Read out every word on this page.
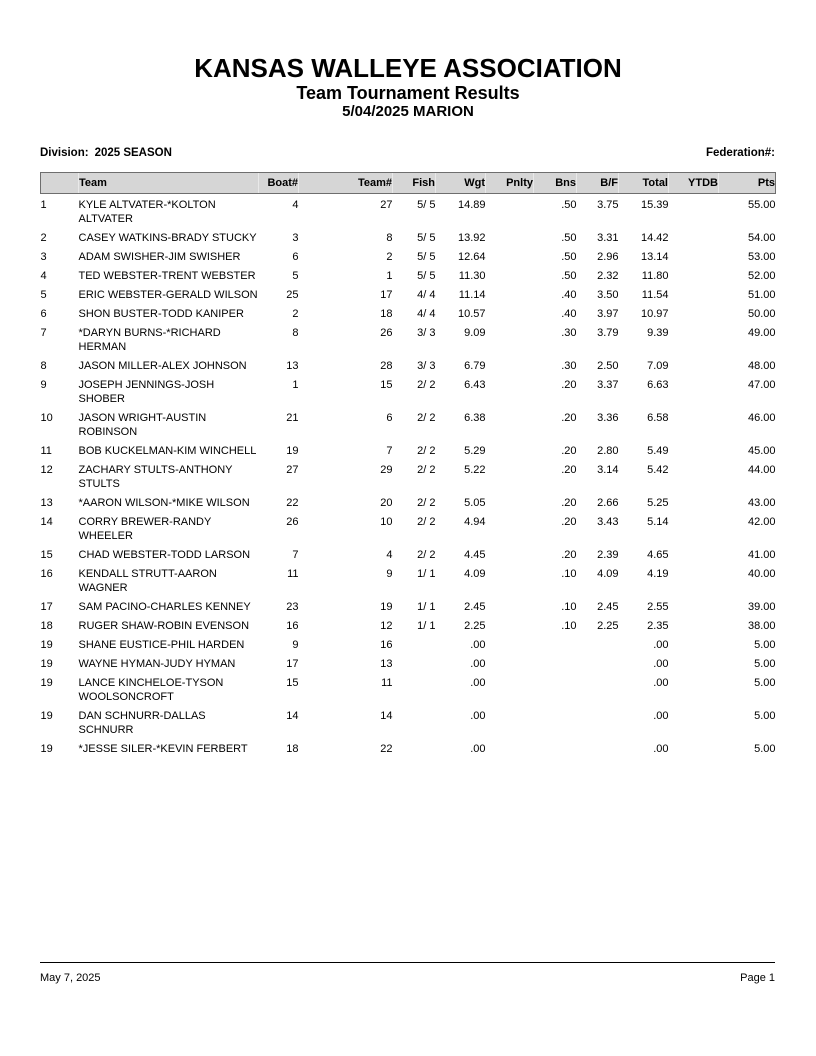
KANSAS WALLEYE ASSOCIATION
Team Tournament Results
5/04/2025 MARION
Division: 2025 SEASON	Federation#:
	Team	Boat#	Team#	Fish	Wgt	Pnlty	Bns	B/F	Total	YTDB	Pts
1	KYLE ALTVATER-*KOLTON ALTVATER	4	27	5/ 5	14.89		.50	3.75	15.39		55.00
2	CASEY WATKINS-BRADY STUCKY	3	8	5/ 5	13.92		.50	3.31	14.42		54.00
3	ADAM SWISHER-JIM SWISHER	6	2	5/ 5	12.64		.50	2.96	13.14		53.00
4	TED WEBSTER-TRENT WEBSTER	5	1	5/ 5	11.30		.50	2.32	11.80		52.00
5	ERIC WEBSTER-GERALD WILSON	25	17	4/ 4	11.14		.40	3.50	11.54		51.00
6	SHON BUSTER-TODD KANIPER	2	18	4/ 4	10.57		.40	3.97	10.97		50.00
7	*DARYN BURNS-*RICHARD HERMAN	8	26	3/ 3	9.09		.30	3.79	9.39		49.00
8	JASON MILLER-ALEX JOHNSON	13	28	3/ 3	6.79		.30	2.50	7.09		48.00
9	JOSEPH JENNINGS-JOSH SHOBER	1	15	2/ 2	6.43		.20	3.37	6.63		47.00
10	JASON WRIGHT-AUSTIN ROBINSON	21	6	2/ 2	6.38		.20	3.36	6.58		46.00
11	BOB KUCKELMAN-KIM WINCHELL	19	7	2/ 2	5.29		.20	2.80	5.49		45.00
12	ZACHARY STULTS-ANTHONY STULTS	27	29	2/ 2	5.22		.20	3.14	5.42		44.00
13	*AARON WILSON-*MIKE WILSON	22	20	2/ 2	5.05		.20	2.66	5.25		43.00
14	CORRY BREWER-RANDY WHEELER	26	10	2/ 2	4.94		.20	3.43	5.14		42.00
15	CHAD WEBSTER-TODD LARSON	7	4	2/ 2	4.45		.20	2.39	4.65		41.00
16	KENDALL STRUTT-AARON WAGNER	11	9	1/ 1	4.09		.10	4.09	4.19		40.00
17	SAM PACINO-CHARLES KENNEY	23	19	1/ 1	2.45		.10	2.45	2.55		39.00
18	RUGER SHAW-ROBIN EVENSON	16	12	1/ 1	2.25		.10	2.25	2.35		38.00
19	SHANE EUSTICE-PHIL HARDEN	9	16		.00				.00		5.00
19	WAYNE HYMAN-JUDY HYMAN	17	13		.00				.00		5.00
19	LANCE KINCHELOE-TYSON WOOLSONCROFT	15	11		.00				.00		5.00
19	DAN SCHNURR-DALLAS SCHNURR	14	14		.00				.00		5.00
19	*JESSE SILER-*KEVIN FERBERT	18	22		.00				.00		5.00
May 7, 2025	Page 1
